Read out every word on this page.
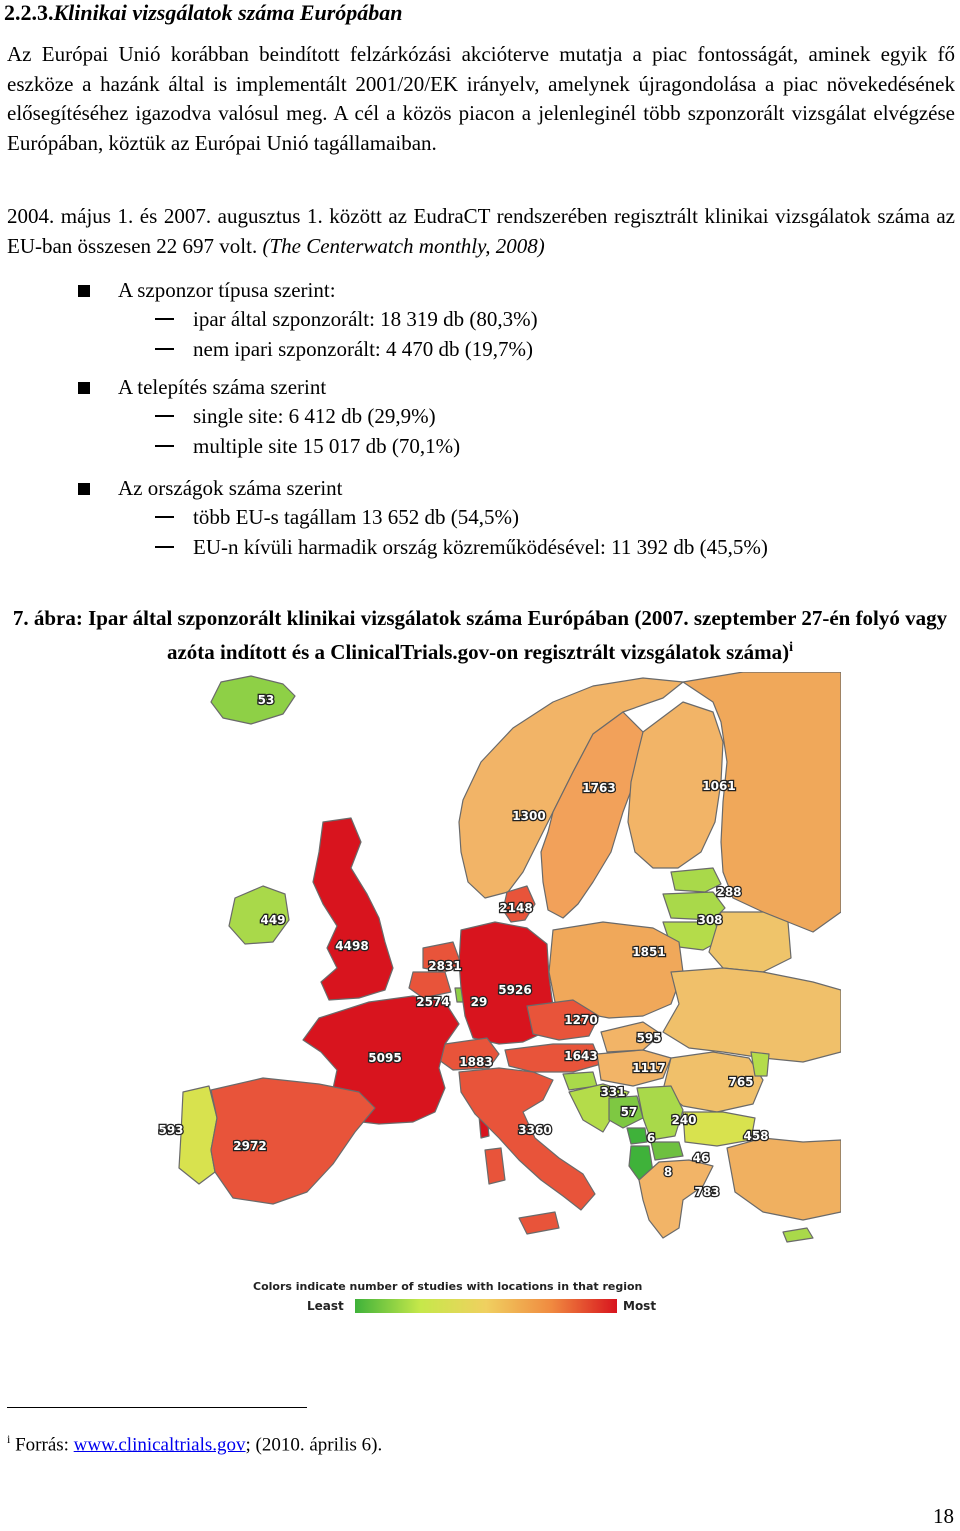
2.2.3.Klinikai vizsgálatok száma Európában

Az Európai Unió korábban beindított felzárkózási akcióterve mutatja a piac fontosságát, aminek egyik fő eszköze a hazánk által is implementált 2001/20/EK irányelv, amelynek újragondolása a piac növekedésének elősegítéséhez igazodva valósul meg. A cél a közös piacon a jelenleginél több szponzorált vizsgálat elvégzése Európában, köztük az Európai Unió tagállamaiban.

2004. május 1. és 2007. augusztus 1. között az EudraCT rendszerében regisztrált klinikai vizsgálatok száma az EU-ban összesen 22 697 volt. (The Centerwatch monthly, 2008)

A szponzor típusa szerint:

ipar által szponzorált: 18 319 db (80,3%)

nem ipari szponzorált: 4 470 db (19,7%)

A telepítés száma szerint

single site: 6 412 db (29,9%)

multiple site 15 017 db (70,1%)

Az országok száma szerint

több EU-s tagállam 13 652 db (54,5%)

EU-n kívüli harmadik ország közreműködésével: 11 392 db (45,5%)

7. ábra: Ipar által szponzorált klinikai vizsgálatok száma Európában (2007. szeptember 27-én folyó vagy azóta indított és a ClinicalTrials.gov-on regisztrált vizsgálatok száma)$^i$

53
1763	1061
1300
288
308
449
2148
4498
2831
5926
1851
2574 29
1270
5095	1883	1643
595
1117
765
331
57
240
593
2972
3360
6	458
46
8
783
Colors indicate number of studies with locations in that region
Least	Most

$^i$ Forrás: www.clinicaltrials.gov; (2010. április 6).

18
